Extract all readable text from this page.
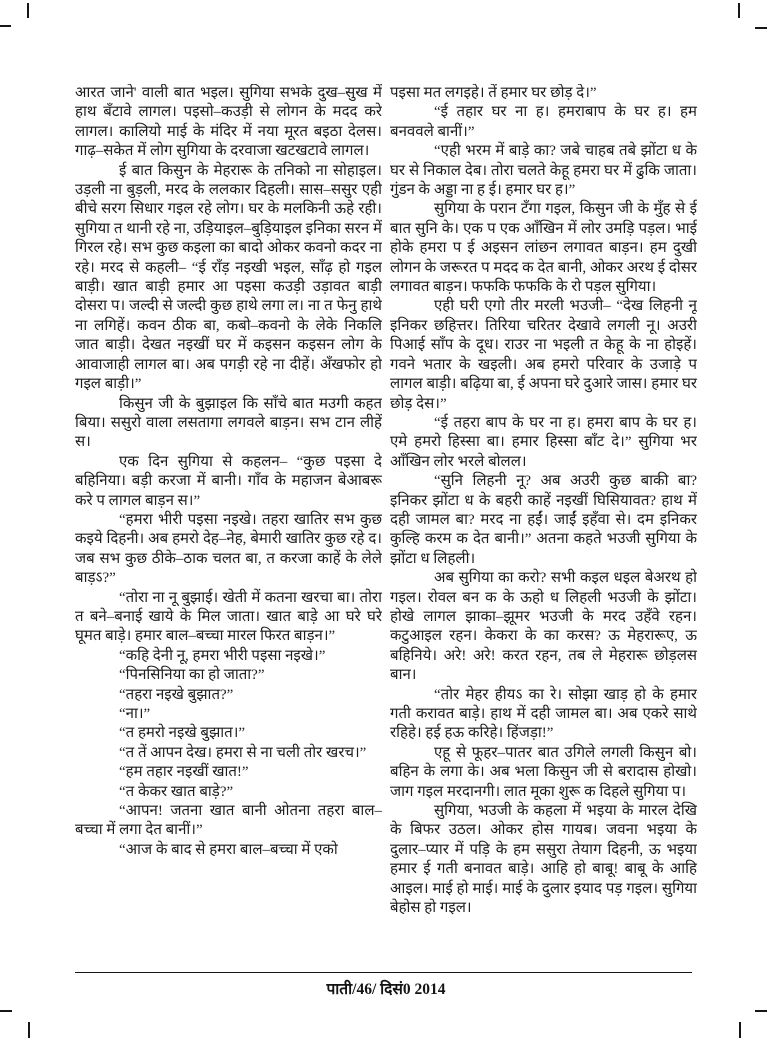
आरत जाने' वाली बात भइल। सुगिया सभके दुख–सुख में हाथ बँटावे लागल। पइसो–कउड़ी से लोगन के मदद करे लागल। कालियो माई के मंदिर में नया मूरत बइठा देलस। गाढ़–सकेत में लोग सुगिया के दरवाजा खटखटावे लागल।

ई बात किसुन के मेहरारू के तनिको ना सोहाइल। उड़ली ना बुड़ली, मरद के ललकार दिहली। सास–ससुर एही बीचे सरग सिधार गइल रहे लोग। घर के मलकिनी ऊहे रही। सुगिया त थानी रहे ना, उड़ियाइल–बुड़ियाइल इनिका सरन में गिरल रहे। सभ कुछ कइला का बादो ओकर कवनो कदर ना रहे। मरद से कहली– “ई राँड़ नइखी भइल, साँढ़ हो गइल बाड़ी। खात बाड़ी हमार आ पइसा कउड़ी उड़ावत बाड़ी दोसरा प। जल्दी से जल्दी कुछ हाथे लगा ल। ना त फेनु हाथे ना लगिहें। कवन ठीक बा, कबो–कवनो के लेके निकलि जात बाड़ी। देखत नइखीं घर में कइसन कइसन लोग के आवाजाही लागल बा। अब पगड़ी रहे ना दीहें। अँखफोर हो गइल बाड़ी।”

किसुन जी के बुझाइल कि साँचे बात मउगी कहत बिया। ससुरो वाला लसतागा लगवले बाड़न। सभ टान लीहें स।

एक दिन सुगिया से कहलन– “कुछ पइसा दे बहिनिया। बड़ी करजा में बानी। गाँव के महाजन बेआबरू करे प लागल बाड़न स।”

“हमरा भीरी पइसा नइखे। तहरा खातिर सभ कुछ कइये दिहनी। अब हमरो देह–नेह, बेमारी खातिर कुछ रहे द। जब सभ कुछ ठीके–ठाक चलत बा, त करजा काहें के लेले बाड़ऽ?”

“तोरा ना नू बुझाई। खेती में कतना खरचा बा। तोरा त बने–बनाई खाये के मिल जाता। खात बाड़े आ घरे घरे घूमत बाड़े। हमार बाल–बच्चा मारल फिरत बाड़न।”

“कहि देनी नू, हमरा भीरी पइसा नइखे।”

“पिनसिनिया का हो जाता?”

“तहरा नइखे बुझात?”

“ना।”

“त हमरो नइखे बुझात।”

“त तें आपन देख। हमरा से ना चली तोर खरच।”

“हम तहार नइखीं खात!”

“त केकर खात बाड़े?”

“आपन! जतना खात बानी ओतना तहरा बाल–बच्चा में लगा देत बानीं।”

“आज के बाद से हमरा बाल–बच्चा में एको

पइसा मत लगइहे। तें हमार घर छोड़ दे।”

“ई तहार घर ना ह। हमराबाप के घर ह। हम बनववले बानीं।”

“एही भरम में बाड़े का? जबे चाहब तबे झोंटा ध के घर से निकाल देब। तोरा चलते केहू हमरा घर में ढुकि जाता। गुंडन के अड्डा ना ह ई। हमार घर ह।”

सुगिया के परान टँगा गइल, किसुन जी के मुँह से ई बात सुनि के। एक प एक आँखिन में लोर उमड़ि पड़ल। भाई होके हमरा प ई अइसन लांछन लगावत बाड़न। हम दुखी लोगन के जरूरत प मदद क देत बानी, ओकर अरथ ई दोसर लगावत बाड़न। फफकि फफकि के रो पड़ल सुगिया।

एही घरी एगो तीर मरली भउजी– “देख लिहनी नू इनिकर छहित्तर। तिरिया चरितर देखावे लगली नू। अउरी पिआई साँप के दूध। राउर ना भइली त केहू के ना होइहें। गवने भतार के खइली। अब हमरो परिवार के उजाड़े प लागल बाड़ी। बढ़िया बा, ई अपना घरे दुआरे जास। हमार घर छोड़ देस।”

“ई तहरा बाप के घर ना ह। हमरा बाप के घर ह। एमे हमरो हिस्सा बा। हमार हिस्सा बाँट दे।” सुगिया भर आँखिन लोर भरले बोलल।

“सुनि लिहनी नू? अब अउरी कुछ बाकी बा? इनिकर झोंटा ध के बहरी काहें नइखीं घिसियावत? हाथ में दही जामल बा? मरद ना हईं। जाईं इहँवा से। दम इनिकर कुल्हि करम क देत बानी।” अतना कहते भउजी सुगिया के झोंटा ध लिहली।

अब सुगिया का करो? सभी कइल धइल बेअरथ हो गइल। रोवल बन क के ऊहो ध लिहली भउजी के झोंटा। होखे लागल झाका–झूमर भउजी के मरद उहँवे रहन। कटुआइल रहन। केकरा के का करस? ऊ मेहरारूए, ऊ बहिनिये। अरे! अरे! करत रहन, तब ले मेहरारू छोड़लस बान।

“तोर मेहर हीयऽ का रे। सोझा खाड़ हो के हमार गती करावत बाड़े। हाथ में दही जामल बा। अब एकरे साथे रहिहे। हई हऊ करिहे। हिंजड़ा!”

एहू से फूहर–पातर बात उगिले लगली किसुन बो। बहिन के लगा के। अब भला किसुन जी से बरादास होखो। जाग गइल मरदानगी। लात मूका शुरू क दिहले सुगिया प।

सुगिया, भउजी के कहला में भइया के मारल देखि के बिफर उठल। ओकर होस गायब। जवना भइया के दुलार–प्यार में पड़ि के हम ससुरा तेयाग दिहनी, ऊ भइया हमार ई गती बनावत बाड़े। आहि हो बाबू! बाबू के आहि आइल। माई हो माई। माई के दुलार इयाद पड़ गइल। सुगिया बेहोस हो गइल।

पाती/46/ दिसं0 2014
